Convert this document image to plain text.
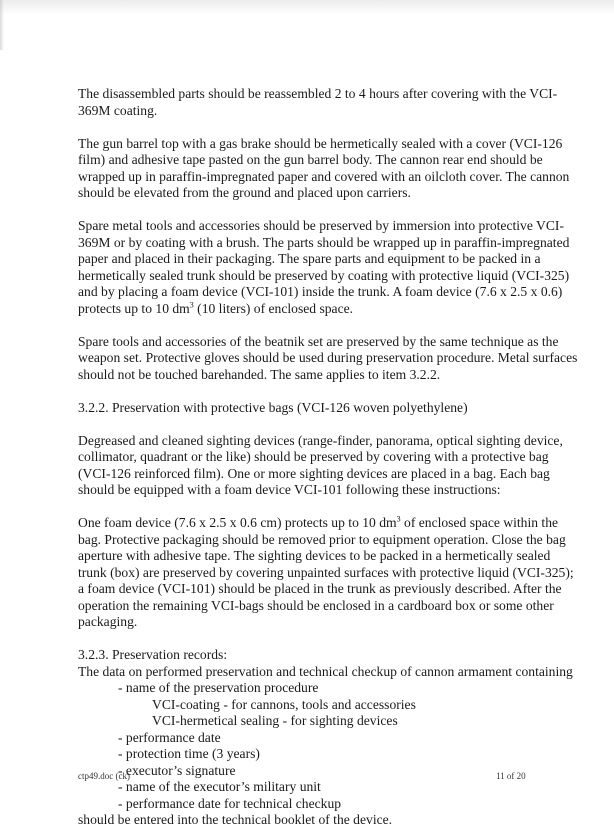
The disassembled parts should be reassembled 2 to 4 hours after covering with the VCI-369M coating.

The gun barrel top with a gas brake should be hermetically sealed with a cover (VCI-126 film) and adhesive tape pasted on the gun barrel body. The cannon rear end should be wrapped up in paraffin-impregnated paper and covered with an oilcloth cover. The cannon should be elevated from the ground and placed upon carriers.

Spare metal tools and accessories should be preserved by immersion into protective VCI-369M or by coating with a brush. The parts should be wrapped up in paraffin-impregnated paper and placed in their packaging. The spare parts and equipment to be packed in a hermetically sealed trunk should be preserved by coating with protective liquid (VCI-325) and by placing a foam device (VCI-101) inside the trunk. A foam device (7.6 x 2.5 x 0.6) protects up to 10 $dm^3$ (10 liters) of enclosed space.

Spare tools and accessories of the beatnik set are preserved by the same technique as the weapon set. Protective gloves should be used during preservation procedure. Metal surfaces should not be touched barehanded. The same applies to item 3.2.2.

3.2.2. Preservation with protective bags (VCI-126 woven polyethylene)

Degreased and cleaned sighting devices (range-finder, panorama, optical sighting device, collimator, quadrant or the like) should be preserved by covering with a protective bag (VCI-126 reinforced film). One or more sighting devices are placed in a bag. Each bag should be equipped with a foam device VCI-101 following these instructions:

One foam device (7.6 x 2.5 x 0.6 cm) protects up to 10 $dm^3$ of enclosed space within the bag. Protective packaging should be removed prior to equipment operation. Close the bag aperture with adhesive tape. The sighting devices to be packed in a hermetically sealed trunk (box) are preserved by covering unpainted surfaces with protective liquid (VCI-325); a foam device (VCI-101) should be placed in the trunk as previously described. After the operation the remaining VCI-bags should be enclosed in a cardboard box or some other packaging.

3.2.3. Preservation records:
The data on performed preservation and technical checkup of cannon armament containing
- name of the preservation procedure
VCI-coating - for cannons, tools and accessories
VCI-hermetical sealing - for sighting devices
- performance date
- protection time (3 years)
- executor’s signature
- name of the executor’s military unit
- performance date for technical checkup
should be entered into the technical booklet of the device.
ctp49.doc (ck)	11 of 20
